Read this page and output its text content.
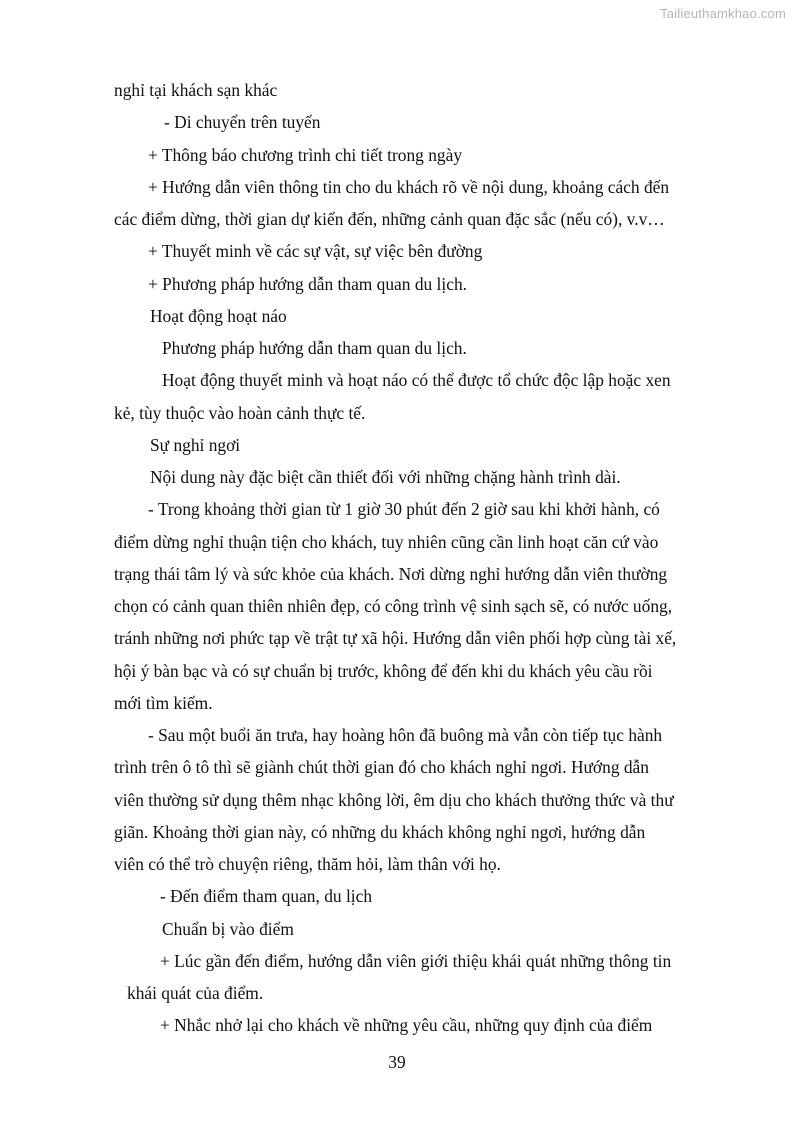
Tailieuthamkhao.com
nghỉ tại khách sạn khác
- Di chuyển trên tuyến
+ Thông báo chương trình chi tiết trong ngày
+ Hướng dẫn viên thông tin cho du khách rõ về nội dung, khoảng cách đến
các điểm dừng, thời gian dự kiến đến, những cảnh quan đặc sắc (nếu có), v.v…
+ Thuyết minh về các sự vật, sự việc bên đường
+ Phương pháp hướng dẫn tham quan du lịch.
Hoạt động hoạt náo
Phương pháp hướng dẫn tham quan du lịch.
Hoạt động thuyết minh và hoạt náo có thể được tổ chức độc lập hoặc xen
kẻ, tùy thuộc vào hoàn cảnh thực tế.
Sự nghỉ ngơi
Nội dung này đặc biệt cần thiết đối với những chặng hành trình dài.
- Trong khoảng thời gian từ 1 giờ 30 phút đến 2 giờ sau khi khởi hành, có
điểm dừng nghỉ thuận tiện cho khách, tuy nhiên cũng cần linh hoạt căn cứ vào
trạng thái tâm lý và sức khỏe của khách. Nơi dừng nghỉ hướng dẫn viên thường
chọn có cảnh quan thiên nhiên đẹp, có công trình vệ sinh sạch sẽ, có nước uống,
tránh những nơi phức tạp về trật tự xã hội. Hướng dẫn viên phối hợp cùng tài xế,
hội ý bàn bạc và có sự chuẩn bị trước, không để đến khi du khách yêu cầu rồi
mới tìm kiếm.
- Sau một buổi ăn trưa, hay hoàng hôn đã buông mà vẫn còn tiếp tục hành
trình trên ô tô thì sẽ giành chút thời gian đó cho khách nghỉ ngơi. Hướng dẫn
viên thường sử dụng thêm nhạc không lời, êm dịu cho khách thưởng thức và thư
giãn. Khoảng thời gian này, có những du khách không nghỉ ngơi, hướng dẫn
viên có thể trò chuyện riêng, thăm hỏi, làm thân với họ.
- Đến điểm tham quan, du lịch
Chuẩn bị vào điểm
+ Lúc gần đến điểm, hướng dẫn viên giới thiệu khái quát những thông tin
khái quát của điểm.
+ Nhắc nhở lại cho khách về những yêu cầu, những quy định của điểm
39
